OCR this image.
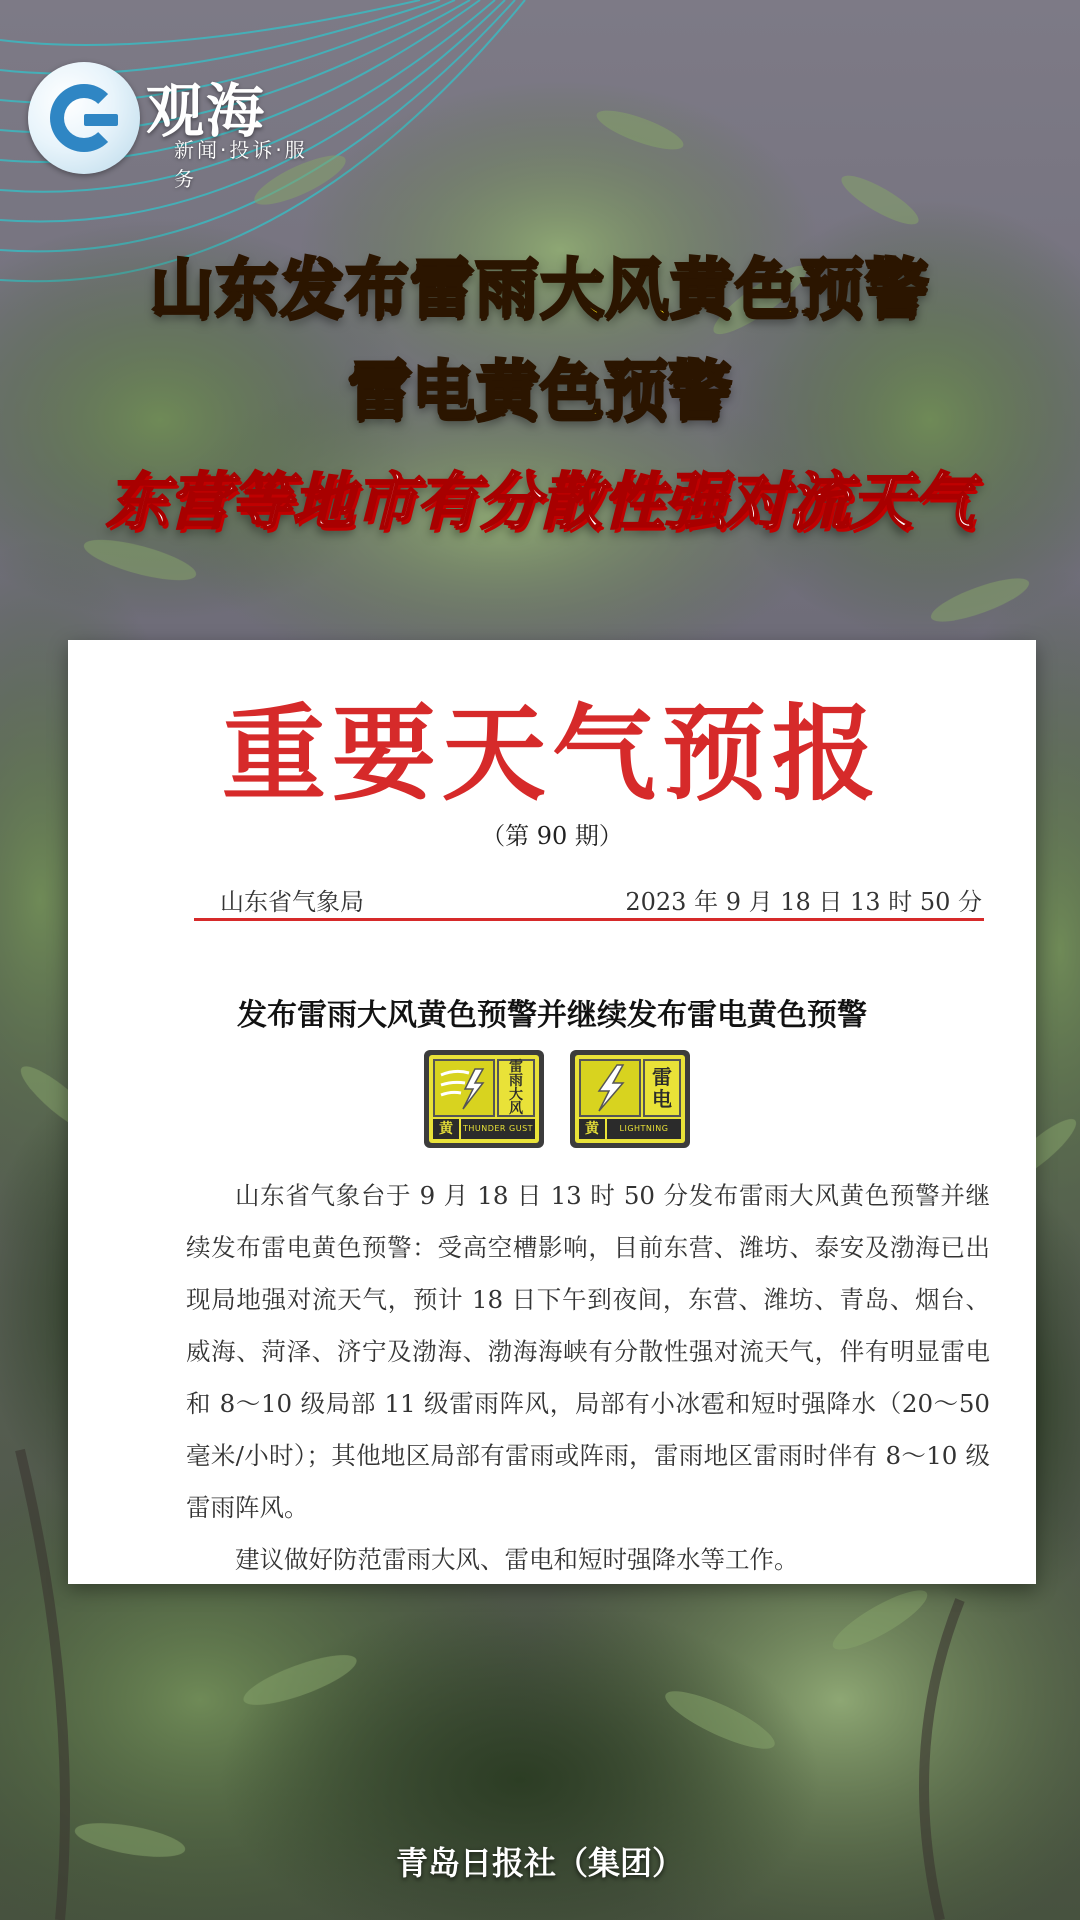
观海
新闻·投诉·服务
山东发布雷雨大风黄色预警
雷电黄色预警
东营等地市有分散性强对流天气
重要天气预报
（第 90 期）
山东省气象局	2023 年 9 月 18 日 13 时 50 分
发布雷雨大风黄色预警并继续发布雷电黄色预警
雷
雨
大
风
黄	THUNDER GUST
雷
电
黄	LIGHTNING

山东省气象台于 9 月 18 日 13 时 50 分发布雷雨大风黄色预警并继续发布雷电黄色预警：受高空槽影响，目前东营、潍坊、泰安及渤海已出现局地强对流天气，预计 18 日下午到夜间，东营、潍坊、青岛、烟台、威海、菏泽、济宁及渤海、渤海海峡有分散性强对流天气，伴有明显雷电和 8～10 级局部 11 级雷雨阵风，局部有小冰雹和短时强降水（20～50 毫米/小时）；其他地区局部有雷雨或阵雨，雷雨地区雷雨时伴有 8～10 级雷雨阵风。

建议做好防范雷雨大风、雷电和短时强降水等工作。

青岛日报社（集团）
